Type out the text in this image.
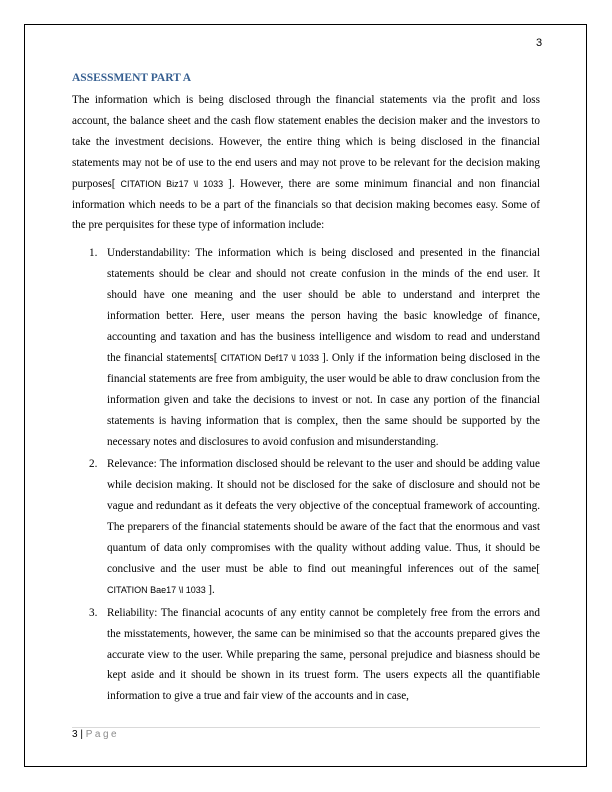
3
ASSESSMENT PART A

The information which is being disclosed through the financial statements via the profit and loss account, the balance sheet and the cash flow statement enables the decision maker and the investors to take the investment decisions. However, the entire thing which is being disclosed in the financial statements may not be of use to the end users and may not prove to be relevant for the decision making purposes[ CITATION Biz17 \l 1033 ]. However, there are some minimum financial and non financial information which needs to be a part of the financials so that decision making becomes easy. Some of the pre perquisites for these type of information include:

1. Understandability: The information which is being disclosed and presented in the financial statements should be clear and should not create confusion in the minds of the end user. It should have one meaning and the user should be able to understand and interpret the information better. Here, user means the person having the basic knowledge of finance, accounting and taxation and has the business intelligence and wisdom to read and understand the financial statements[ CITATION Def17 \l 1033 ]. Only if the information being disclosed in the financial statements are free from ambiguity, the user would be able to draw conclusion from the information given and take the decisions to invest or not. In case any portion of the financial statements is having information that is complex, then the same should be supported by the necessary notes and disclosures to avoid confusion and misunderstanding.
2. Relevance: The information disclosed should be relevant to the user and should be adding value while decision making. It should not be disclosed for the sake of disclosure and should not be vague and redundant as it defeats the very objective of the conceptual framework of accounting. The preparers of the financial statements should be aware of the fact that the enormous and vast quantum of data only compromises with the quality without adding value. Thus, it should be conclusive and the user must be able to find out meaningful inferences out of the same[ CITATION Bae17 \l 1033 ].
3. Reliability: The financial acocunts of any entity cannot be completely free from the errors and the misstatements, however, the same can be minimised so that the accounts prepared gives the accurate view to the user. While preparing the same, personal prejudice and biasness should be kept aside and it should be shown in its truest form. The users expects all the quantifiable information to give a true and fair view of the accounts and in case,
3 | Page
